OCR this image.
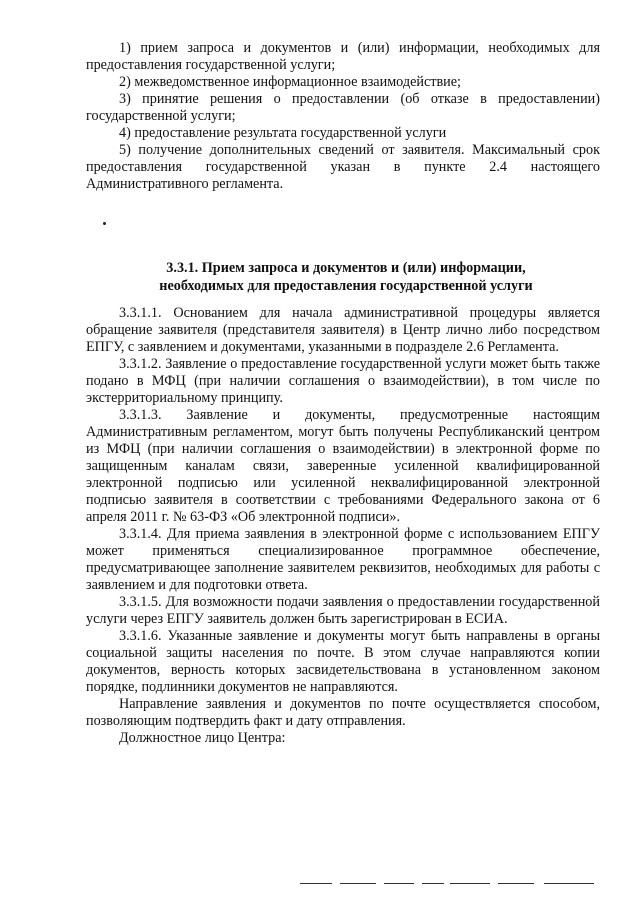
1) прием запроса и документов и (или) информации, необходимых для предоставления государственной услуги;

2) межведомственное информационное взаимодействие;

3) принятие решения о предоставлении (об отказе в предоставлении) государственной услуги;

4) предоставление результата государственной услуги

5) получение дополнительных сведений от заявителя. Максимальный срок предоставления государственной указан в пункте 2.4 настоящего Административного регламента.

3.3.1. Прием запроса и документов и (или) информации,
необходимых для предоставления государственной услуги

3.3.1.1. Основанием для начала административной процедуры является обращение заявителя (представителя заявителя) в Центр лично либо посредством ЕПГУ, с заявлением и документами, указанными в подразделе 2.6 Регламента.

3.3.1.2. Заявление о предоставление государственной услуги может быть также подано в МФЦ (при наличии соглашения о взаимодействии), в том числе по экстерриториальному принципу.

3.3.1.3. Заявление и документы, предусмотренные настоящим Административным регламентом, могут быть получены Республиканский центром из МФЦ (при наличии соглашения о взаимодействии) в электронной форме по защищенным каналам связи, заверенные усиленной квалифицированной электронной подписью или усиленной неквалифицированной электронной подписью заявителя в соответствии с требованиями Федерального закона от 6 апреля 2011 г. № 63-ФЗ «Об электронной подписи».

3.3.1.4. Для приема заявления в электронной форме с использованием ЕПГУ может применяться специализированное программное обеспечение, предусматривающее заполнение заявителем реквизитов, необходимых для работы с заявлением и для подготовки ответа.

3.3.1.5. Для возможности подачи заявления о предоставлении государственной услуги через ЕПГУ заявитель должен быть зарегистрирован в ЕСИА.

3.3.1.6. Указанные заявление и документы могут быть направлены в органы социальной защиты населения по почте. В этом случае направляются копии документов, верность которых засвидетельствована в установленном законом порядке, подлинники документов не направляются.

Направление заявления и документов по почте осуществляется способом, позволяющим подтвердить факт и дату отправления.

Должностное лицо Центра:
